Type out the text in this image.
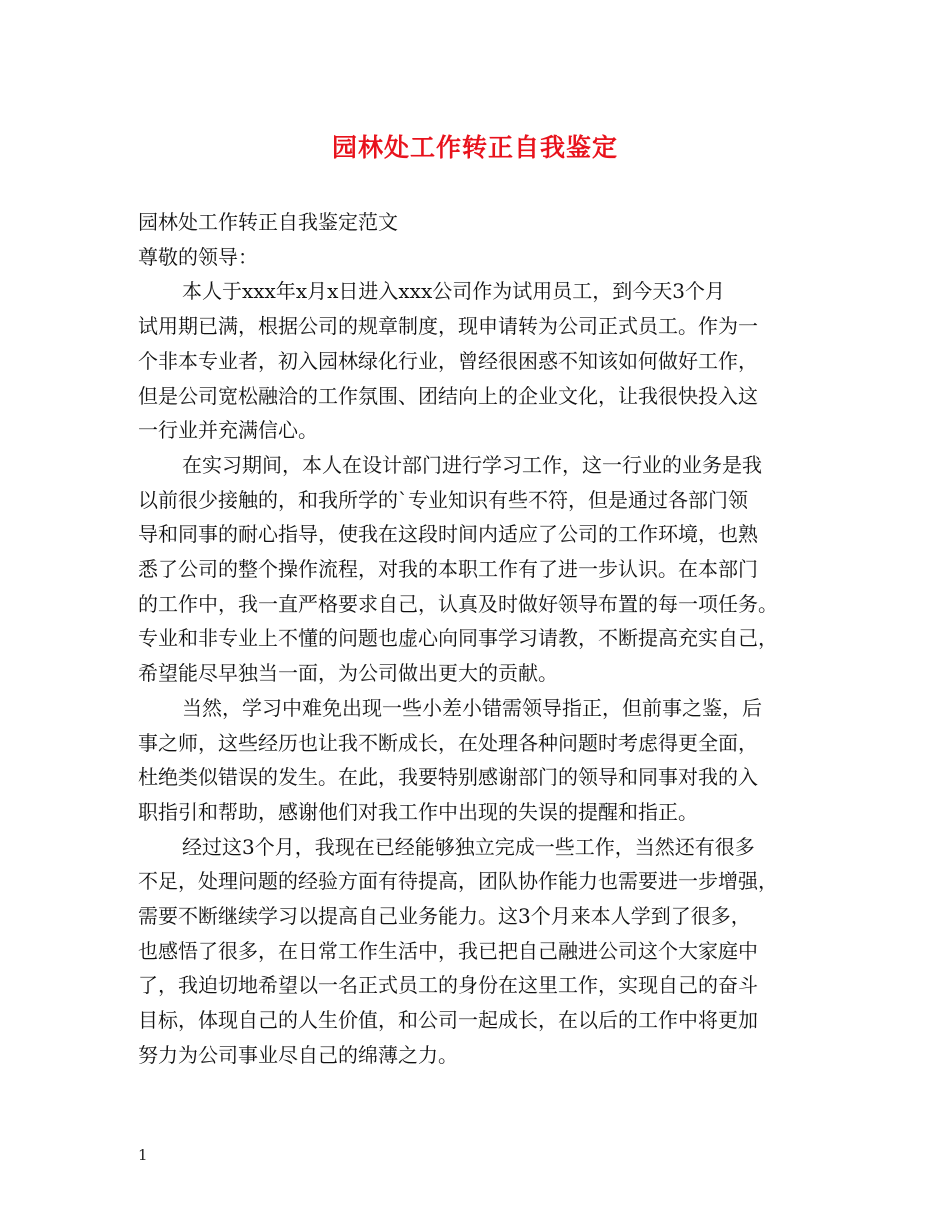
园林处工作转正自我鉴定
园林处工作转正自我鉴定范文
尊敬的领导：
本人于xxx年x月x日进入xxx公司作为试用员工，到今天3个月
试用期已满，根据公司的规章制度，现申请转为公司正式员工。作为一
个非本专业者，初入园林绿化行业，曾经很困惑不知该如何做好工作，
但是公司宽松融洽的工作氛围、团结向上的企业文化，让我很快投入这
一行业并充满信心。
在实习期间，本人在设计部门进行学习工作，这一行业的业务是我
以前很少接触的，和我所学的`专业知识有些不符，但是通过各部门领
导和同事的耐心指导，使我在这段时间内适应了公司的工作环境，也熟
悉了公司的整个操作流程，对我的本职工作有了进一步认识。在本部门
的工作中，我一直严格要求自己，认真及时做好领导布置的每一项任务。
专业和非专业上不懂的问题也虚心向同事学习请教，不断提高充实自己，
希望能尽早独当一面，为公司做出更大的贡献。
当然，学习中难免出现一些小差小错需领导指正，但前事之鉴，后
事之师，这些经历也让我不断成长，在处理各种问题时考虑得更全面，
杜绝类似错误的发生。在此，我要特别感谢部门的领导和同事对我的入
职指引和帮助，感谢他们对我工作中出现的失误的提醒和指正。
经过这3个月，我现在已经能够独立完成一些工作，当然还有很多
不足，处理问题的经验方面有待提高，团队协作能力也需要进一步增强，
需要不断继续学习以提高自己业务能力。这3个月来本人学到了很多，
也感悟了很多，在日常工作生活中，我已把自己融进公司这个大家庭中
了，我迫切地希望以一名正式员工的身份在这里工作，实现自己的奋斗
目标，体现自己的人生价值，和公司一起成长，在以后的工作中将更加
努力为公司事业尽自己的绵薄之力。
1
